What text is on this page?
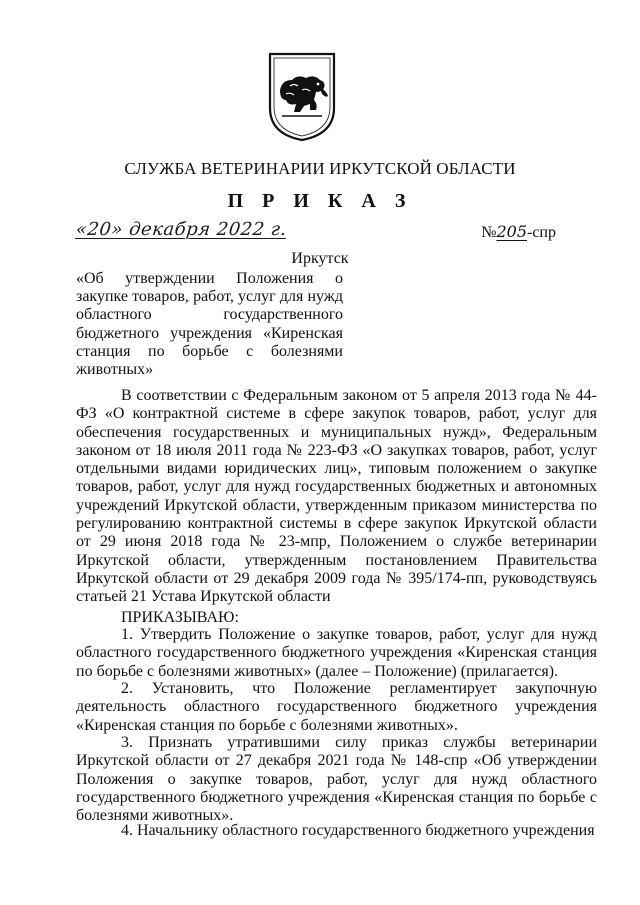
СЛУЖБА ВЕТЕРИНАРИИ ИРКУТСКОЙ ОБЛАСТИ
П Р И К А З
«20» декабря 2022 г.	№205-спр
Иркутск
«Об утверждении Положения о закупке товаров, работ, услуг для нужд областного государственного бюджетного учреждения «Киренская станция по борьбе с болезнями животных»

В соответствии с Федеральным законом от 5 апреля 2013 года № 44-ФЗ «О контрактной системе в сфере закупок товаров, работ, услуг для обеспечения государственных и муниципальных нужд», Федеральным законом от 18 июля 2011 года № 223-ФЗ «О закупках товаров, работ, услуг отдельными видами юридических лиц», типовым положением о закупке товаров, работ, услуг для нужд государственных бюджетных и автономных учреждений Иркутской области, утвержденным приказом министерства по регулированию контрактной системы в сфере закупок Иркутской области от 29 июня 2018 года № 23-мпр, Положением о службе ветеринарии Иркутской области, утвержденным постановлением Правительства Иркутской области от 29 декабря 2009 года № 395/174-пп, руководствуясь статьей 21 Устава Иркутской области

ПРИКАЗЫВАЮ:

1. Утвердить Положение о закупке товаров, работ, услуг для нужд областного государственного бюджетного учреждения «Киренская станция по борьбе с болезнями животных» (далее – Положение) (прилагается).

2. Установить, что Положение регламентирует закупочную деятельность областного государственного бюджетного учреждения «Киренская станция по борьбе с болезнями животных».

3. Признать утратившими силу приказ службы ветеринарии Иркутской области от 27 декабря 2021 года № 148-спр «Об утверждении Положения о закупке товаров, работ, услуг для нужд областного государственного бюджетного учреждения «Киренская станция по борьбе с болезнями животных».

4. Начальнику областного государственного бюджетного учреждения
